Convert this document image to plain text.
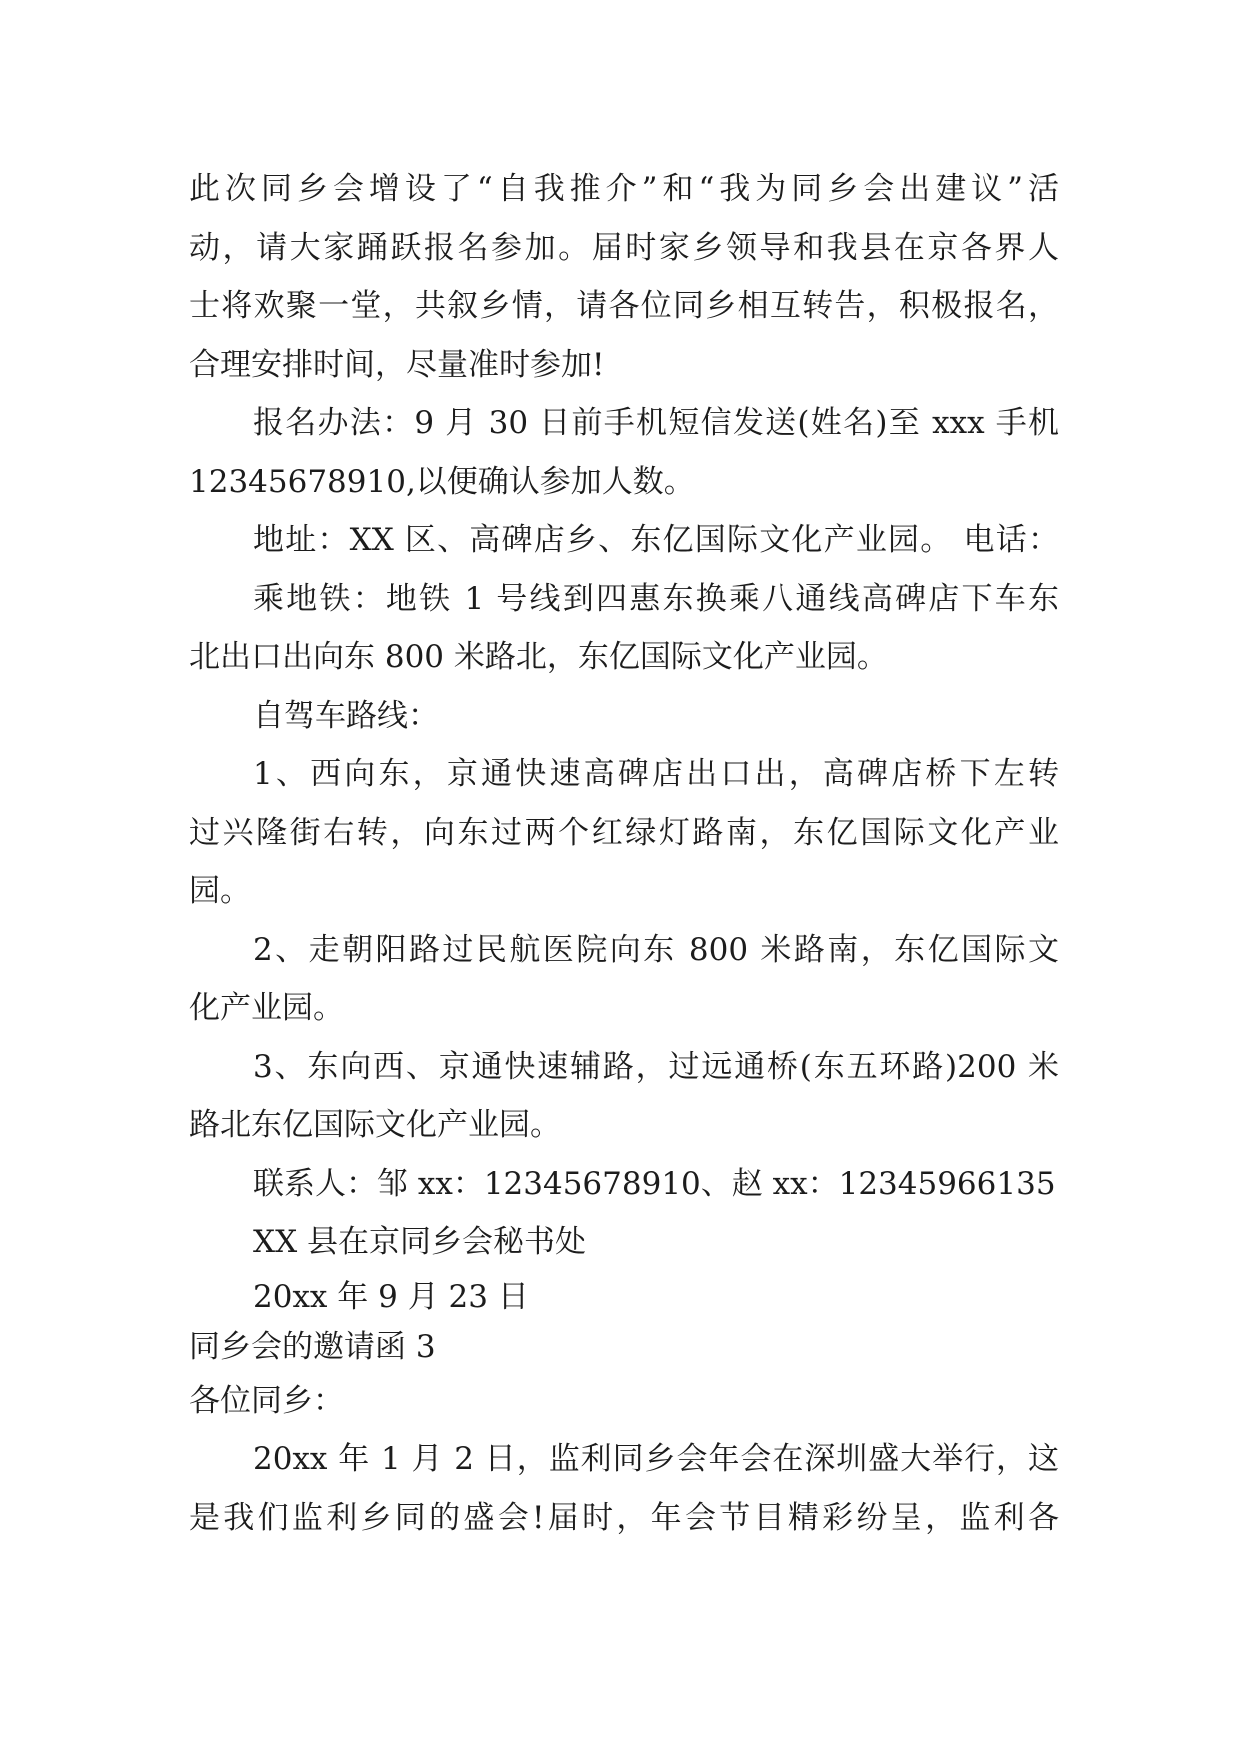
此次同乡会增设了“自我推介”和“我为同乡会出建议”活
动，请大家踊跃报名参加。届时家乡领导和我县在京各界人
士将欢聚一堂，共叙乡情，请各位同乡相互转告，积极报名，
合理安排时间，尽量准时参加!
报名办法：9 月 30 日前手机短信发送(姓名)至 xxx 手机
12345678910,以便确认参加人数。
地址：XX 区、高碑店乡、东亿国际文化产业园。 电话：
乘地铁：地铁 1 号线到四惠东换乘八通线高碑店下车东
北出口出向东 800 米路北，东亿国际文化产业园。
自驾车路线：
1、西向东，京通快速高碑店出口出，高碑店桥下左转
过兴隆街右转，向东过两个红绿灯路南，东亿国际文化产业
园。
2、走朝阳路过民航医院向东 800 米路南，东亿国际文
化产业园。
3、东向西、京通快速辅路，过远通桥(东五环路)200 米
路北东亿国际文化产业园。
联系人：邹 xx：12345678910、赵 xx：12345966135
XX 县在京同乡会秘书处
20xx 年 9 月 23 日
同乡会的邀请函 3
各位同乡：
20xx 年 1 月 2 日，监利同乡会年会在深圳盛大举行，这
是我们监利乡同的盛会!届时，年会节目精彩纷呈，监利各
